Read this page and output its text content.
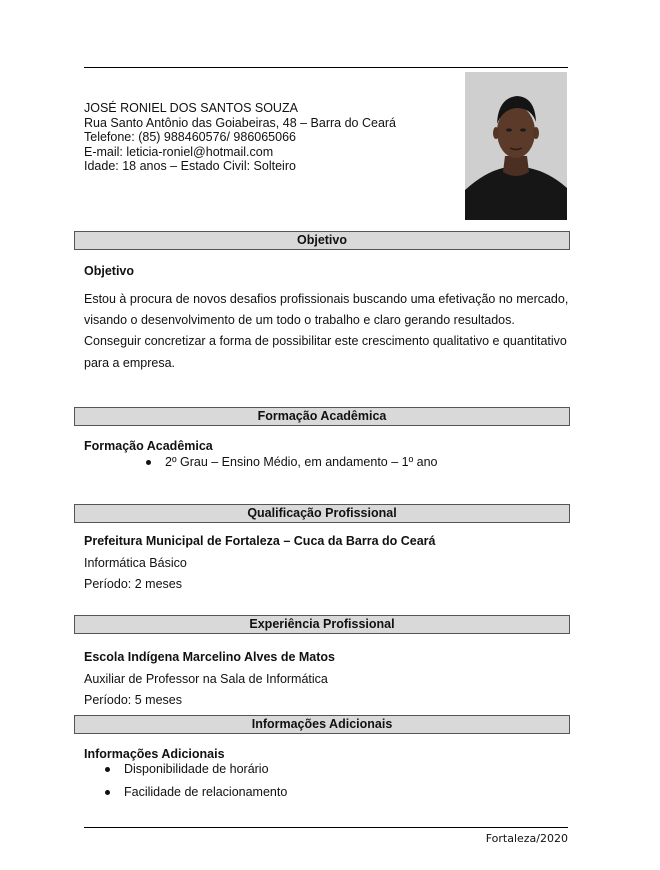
JOSÉ RONIEL DOS SANTOS SOUZA
Rua Santo Antônio das Goiabeiras, 48 – Barra do Ceará
Telefone: (85) 988460576/ 986065066
E-mail: leticia-roniel@hotmail.com
Idade: 18 anos – Estado Civil: Solteiro
Objetivo
Objetivo
Estou à procura de novos desafios profissionais buscando uma efetivação no mercado,
visando o desenvolvimento de um todo o trabalho e claro gerando resultados.
Conseguir concretizar a forma de possibilitar este crescimento qualitativo e quantitativo
para a empresa.
Formação Acadêmica
Formação Acadêmica
2º Grau – Ensino Médio, em andamento – 1º ano
Qualificação Profissional
Prefeitura Municipal de Fortaleza – Cuca da Barra do Ceará
Informática Básico
Período: 2 meses
Experiência Profissional
Escola Indígena Marcelino Alves de Matos
Auxiliar de Professor na Sala de Informática
Período: 5 meses
Informações Adicionais
Informações Adicionais
Disponibilidade de horário
Facilidade de relacionamento
Fortaleza/2020
